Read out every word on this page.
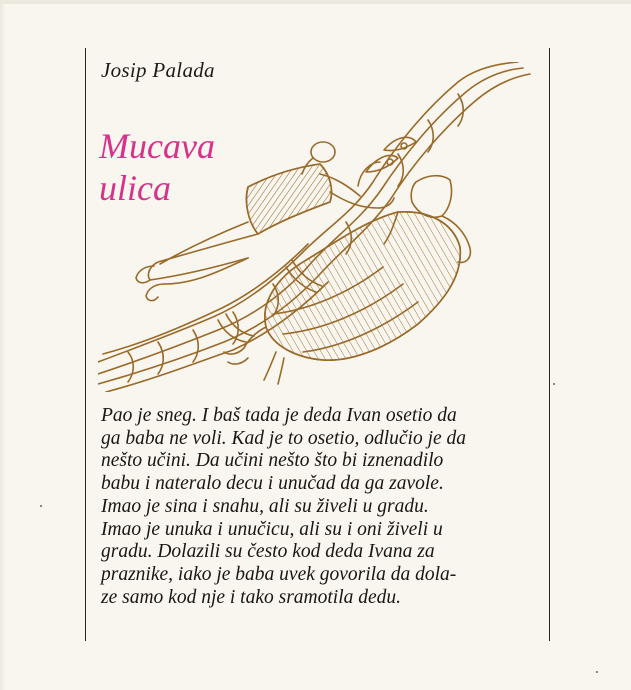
Josip Palada
Mucava
ulica
Pao je sneg. I baš tada je deda Ivan osetio da
ga baba ne voli. Kad je to osetio, odlučio je da
nešto učini. Da učini nešto što bi iznenadilo
babu i nateralo decu i unučad da ga zavole.
Imao je sina i snahu, ali su živeli u gradu.
Imao je unuka i unučicu, ali su i oni živeli u
gradu. Dolazili su često kod deda Ivana za
praznike, iako je baba uvek govorila da dola-
ze samo kod nje i tako sramotila dedu.
